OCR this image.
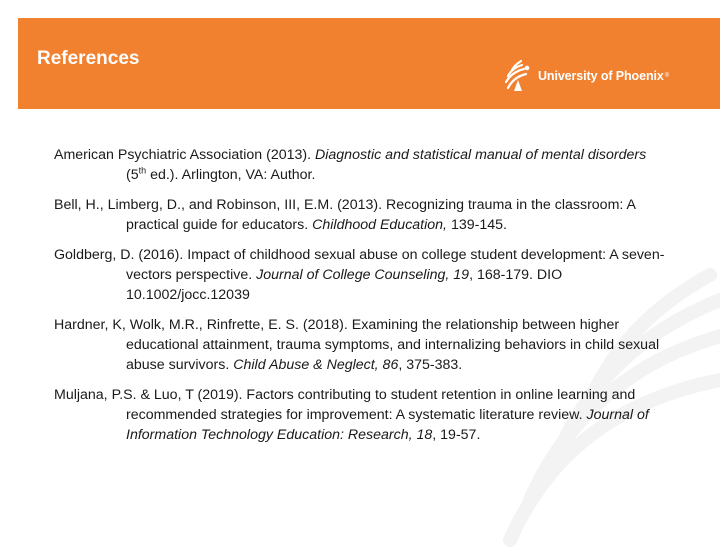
References
University of Phoenix ®

American Psychiatric Association (2013). Diagnostic and statistical manual of mental disorders (5th ed.). Arlington, VA: Author.

Bell, H., Limberg, D., and Robinson, III, E.M. (2013). Recognizing trauma in the classroom: A practical guide for educators. Childhood Education, 139-145.

Goldberg, D. (2016). Impact of childhood sexual abuse on college student development: A seven-vectors perspective. Journal of College Counseling, 19, 168-179. DIO 10.1002/jocc.12039

Hardner, K, Wolk, M.R., Rinfrette, E. S. (2018). Examining the relationship between higher educational attainment, trauma symptoms, and internalizing behaviors in child sexual abuse survivors. Child Abuse & Neglect, 86, 375-383.

Muljana, P.S. & Luo, T (2019). Factors contributing to student retention in online learning and recommended strategies for improvement: A systematic literature review. Journal of Information Technology Education: Research, 18, 19-57.
